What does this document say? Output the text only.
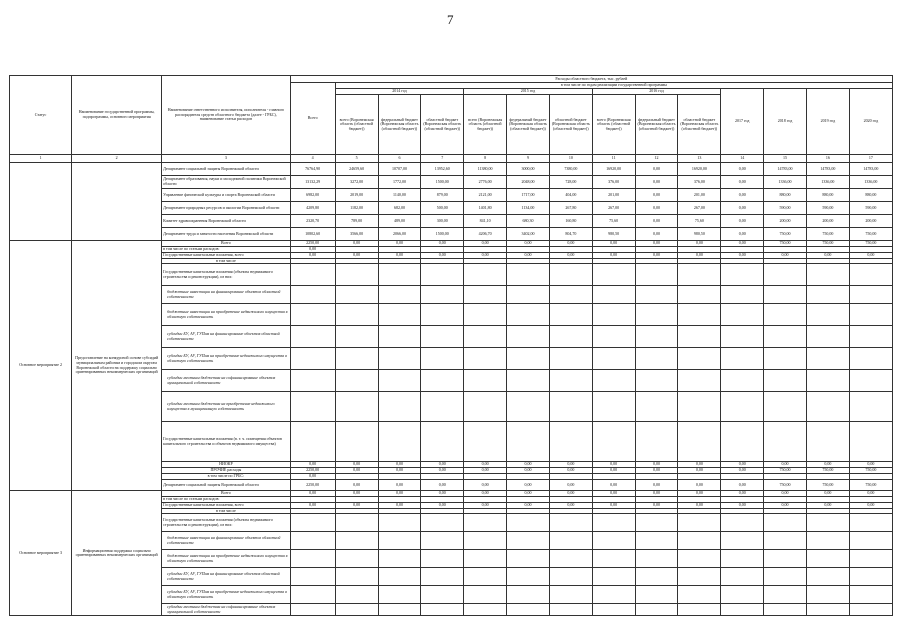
7
Статус	Наименование государственной программы, подпрограммы, основного мероприятия	Наименование ответственного исполнителя, исполнителя - главного распорядителя средств областного бюджета (далее - ГРБС), наименование статьи расходов	Расходы областного бюджета, тыс. рублей													
			Всего	в том числе по годам реализации государственной программы												
				2014 год			2015 год			2016 год			2017 год	2018 год	2019 год	2020 год
				всего (Воронежская область (областной бюджет))	федеральный бюджет (Воронежская область (областной бюджет))	областной бюджет (Воронежская область (областной бюджет))	всего (Воронежская область (областной бюджет))	федеральный бюджет (Воронежская область (областной бюджет))	областной бюджет (Воронежская область (областной бюджет))	всего (Воронежская область (областной бюджет))	федеральный бюджет (Воронежская область (областной бюджет))	областной бюджет (Воронежская область (областной бюджет))				
1	2	3	4	5	6	7	8	9	10	11	12	13	14	15	16	17
		Департамент социальной защиты Воронежской области	76764,90	24659,60	10707,00	13952,60	11380,00	3000,00	7380,00	16920,00	0,00	16920,00	0,00	14783,00	14783,00	14783,00
		Департамент образования, науки и молодежной политики Воронежской области	13132,29	3272,00	1772,00	1500,00	2776,00	2048,00	728,00	376,00	0,00	376,00	0,00	1336,00	1336,00	1336,00
		Управление физической культуры и спорта Воронежской области	6982,00	2019,00	1140,00	879,00	2121,00	1717,00	404,00	201,00	0,00	201,00	0,00	880,00	880,00	880,00
		Департамент природных ресурсов и экологии Воронежской области	4209,80	1182,00	682,00	500,00	1401,80	1134,00	267,80	267,00	0,00	267,00	0,00	590,00	590,00	590,00
		Комитет здравоохранения Воронежской области	2320,70	789,00	489,00	300,00	841,10	680,30	160,80	75,60	0,00	75,60	0,00	200,00	200,00	200,00
		Департамент труда и занятости населения Воронежской области	10802,60	3566,00	2066,00	1500,00	4206,70	3402,00	804,70	980,50	0,00	980,50	0,00	750,00	750,00	750,00
Основное мероприятие 2	Предоставление на конкурсной основе субсидий муниципальным районам и городским округам Воронежской области на поддержку социально ориентированных некоммерческих организаций	Всего	2250,00	0,00	0,00	0,00	0,00	0,00	0,00	0,00	0,00	0,00	0,00	750,00	750,00	750,00
		в том числе по статьям расходов:	0,00													
		Государственные капитальные вложения, всего	0,00	0,00	0,00	0,00	0,00	0,00	0,00	0,00	0,00	0,00	0,00	0,00	0,00	0,00
		в том числе														
		Государственные капитальные вложения (объекты недвижимого строительства и реконструкции), из них:														
		бюджетные инвестиции на финансирование объектов областной собственности														
		бюджетные инвестиции на приобретение недвижимого имущества в областную собственность														
		субсидии БУ, АУ, ГУПам на финансирование объектов областной собственности														
		субсидии БУ, АУ, ГУПам на приобретение недвижимого имущества в областную собственность														
		субсидии местным бюджетам на софинансирование объектов муниципальной собственности														
		субсидии местным бюджетам на приобретение недвижимого имущества в муниципальную собственность														
		Государственные капитальные вложения (в. т. ч. помещения объектов капитального строительства и объектов недвижимого имущества)														
		НИОКР	0,00	0,00	0,00	0,00	0,00	0,00	0,00	0,00	0,00	0,00	0,00	0,00	0,00	0,00
		ПРОЧИЕ расходы	2250,00	0,00	0,00	0,00	0,00	0,00	0,00	0,00	0,00	0,00	0,00	750,00	750,00	750,00
		в том числе по ГРБС:	0,00													
		Департамент социальной защиты Воронежской области	2250,00	0,00	0,00	0,00	0,00	0,00	0,00	0,00	0,00	0,00	0,00	750,00	750,00	750,00
Основное мероприятие 3	Информационная поддержка социально ориентированных некоммерческих организаций	Всего	0,00	0,00	0,00	0,00	0,00	0,00	0,00	0,00	0,00	0,00	0,00	0,00	0,00	0,00
		в том числе по статьям расходов:														
		Государственные капитальные вложения, всего	0,00	0,00	0,00	0,00	0,00	0,00	0,00	0,00	0,00	0,00	0,00	0,00	0,00	0,00
		в том числе														
		Государственные капитальные вложения (объекты недвижимого строительства и реконструкции), из них:														
		бюджетные инвестиции на финансирование объектов областной собственности														
		бюджетные инвестиции на приобретение недвижимого имущества в областную собственность														
		субсидии БУ, АУ, ГУПам на финансирование объектов областной собственности														
		субсидии БУ, АУ, ГУПам на приобретение недвижимого имущества в областную собственность														
		субсидии местным бюджетам на софинансирование объектов муниципальной собственности														
